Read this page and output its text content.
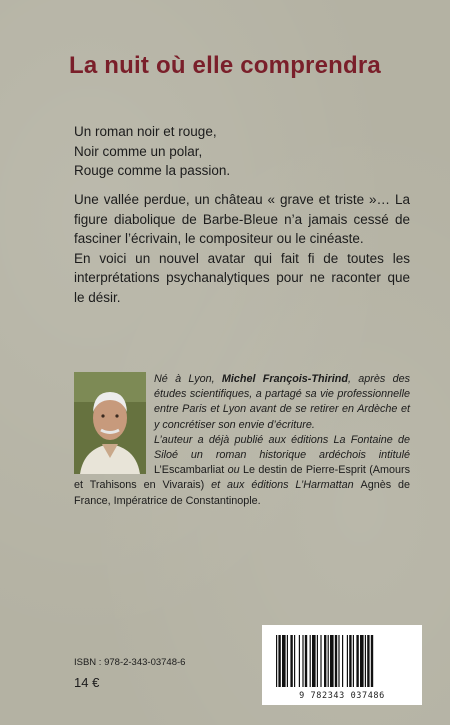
La nuit où elle comprendra
Un roman noir et rouge,
Noir comme un polar,
Rouge comme la passion.

Une vallée perdue, un château « grave et triste »… La figure diabolique de Barbe-Bleue n’a jamais cessé de fasciner l’écrivain, le compositeur ou le cinéaste.

En voici un nouvel avatar qui fait fi de toutes les interprétations psychanalytiques pour ne raconter que le désir.

Né à Lyon, Michel François-Thirind, après des études scientifiques, a partagé sa vie professionnelle entre Paris et Lyon avant de se retirer en Ardèche et y concrétiser son envie d’écriture.

L’auteur a déjà publié aux éditions La Fontaine de Siloé un roman historique ardéchois intitulé L’Escambarliat ou Le destin de Pierre-Esprit (Amours et Trahisons en Vivarais) et aux éditions L’Harmattan Agnès de France, Impératrice de Constantinople.

ISBN : 978-2-343-03748-6
14 €
9 782343 037486
